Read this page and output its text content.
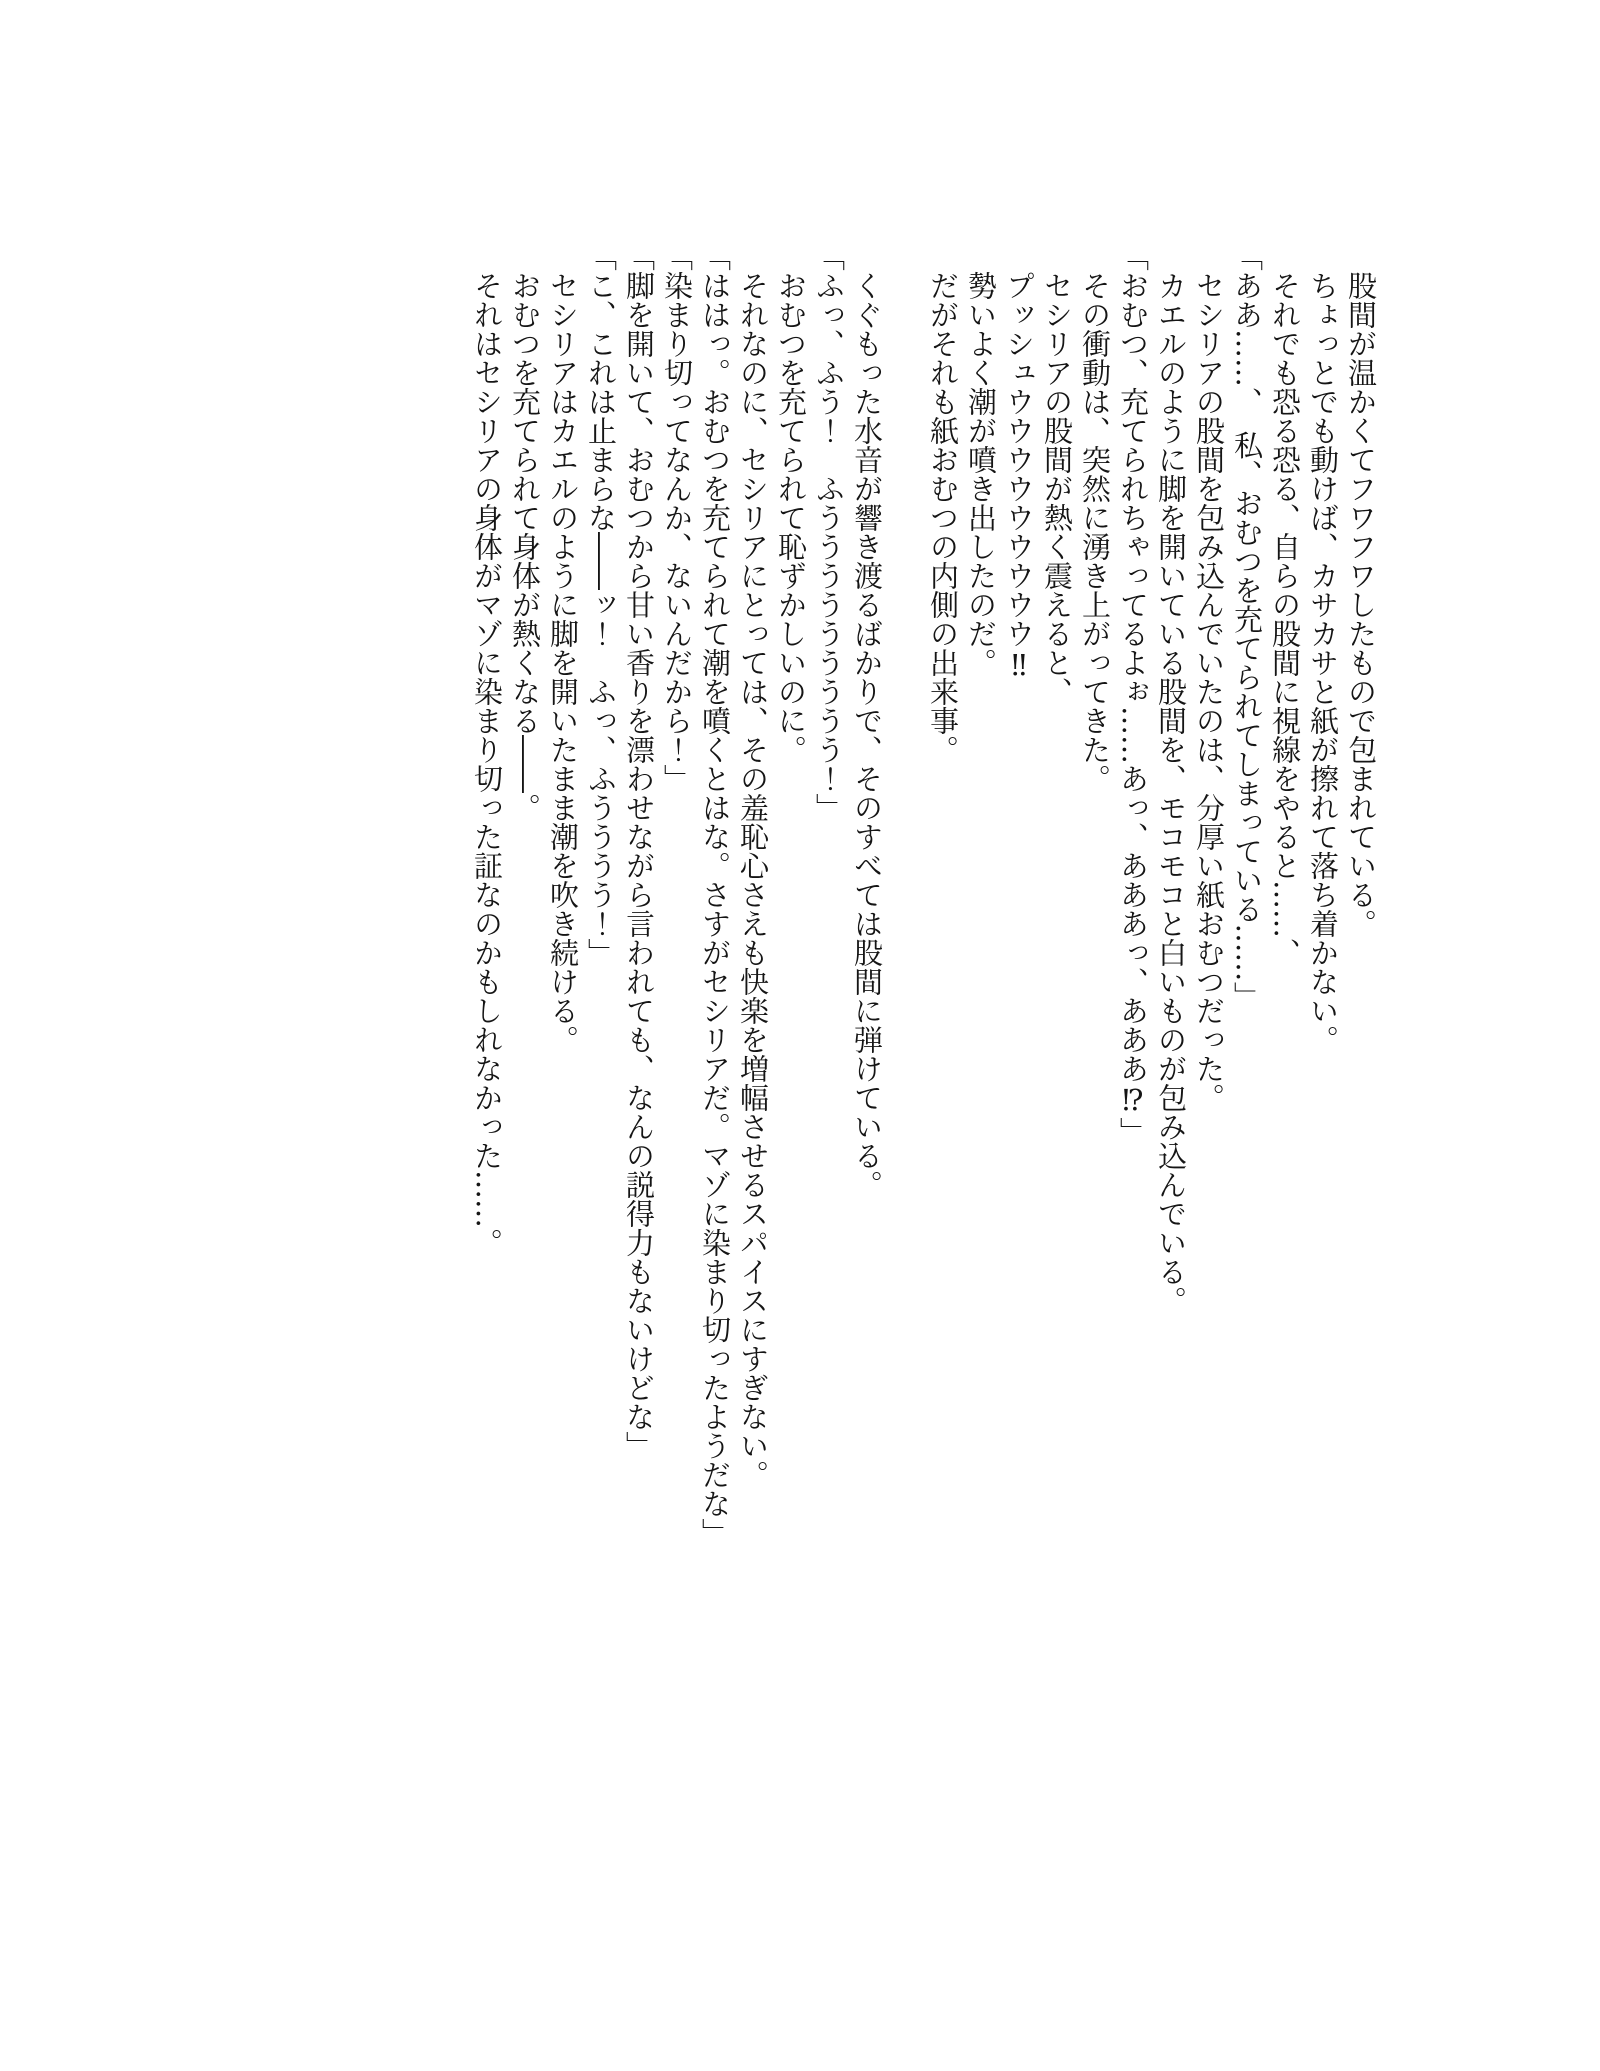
股間が温かくてフワフワしたもので包まれている。
ちょっとでも動けば、カサカサと紙が擦れて落ち着かない。
それでも恐る恐る、自らの股間に視線をやると……、
「ああ……、　私、おむつを充てられてしまっている……」
セシリアの股間を包み込んでいたのは、分厚い紙おむつだった。
カエルのように脚を開いている股間を、モコモコと白いものが包み込んでいる。
「おむつ、充てられちゃってるよぉ……あっ、あああっ、あああ⁉」
その衝動は、突然に湧き上がってきた。
セシリアの股間が熱く震えると、
プッシュウウウウウウウウウ‼
勢いよく潮が噴き出したのだ。
だがそれも紙おむつの内側の出来事。
くぐもった水音が響き渡るばかりで、そのすべては股間に弾けている。
「ふっ、ふう！　ふううううううううう！」
おむつを充てられて恥ずかしいのに。
それなのに、セシリアにとっては、その羞恥心さえも快楽を増幅させるスパイスにすぎない。
「ははっ。おむつを充てられて潮を噴くとはな。さすがセシリアだ。マゾに染まり切ったようだな」
「染まり切ってなんか、ないんだから！」
「脚を開いて、おむつから甘い香りを漂わせながら言われても、なんの説得力もないけどな」
「こ、これは止まらな――ッ！　ふっ、ふうううう！」
セシリアはカエルのように脚を開いたまま潮を吹き続ける。
おむつを充てられて身体が熱くなる――。
それはセシリアの身体がマゾに染まり切った証なのかもしれなかった……。
